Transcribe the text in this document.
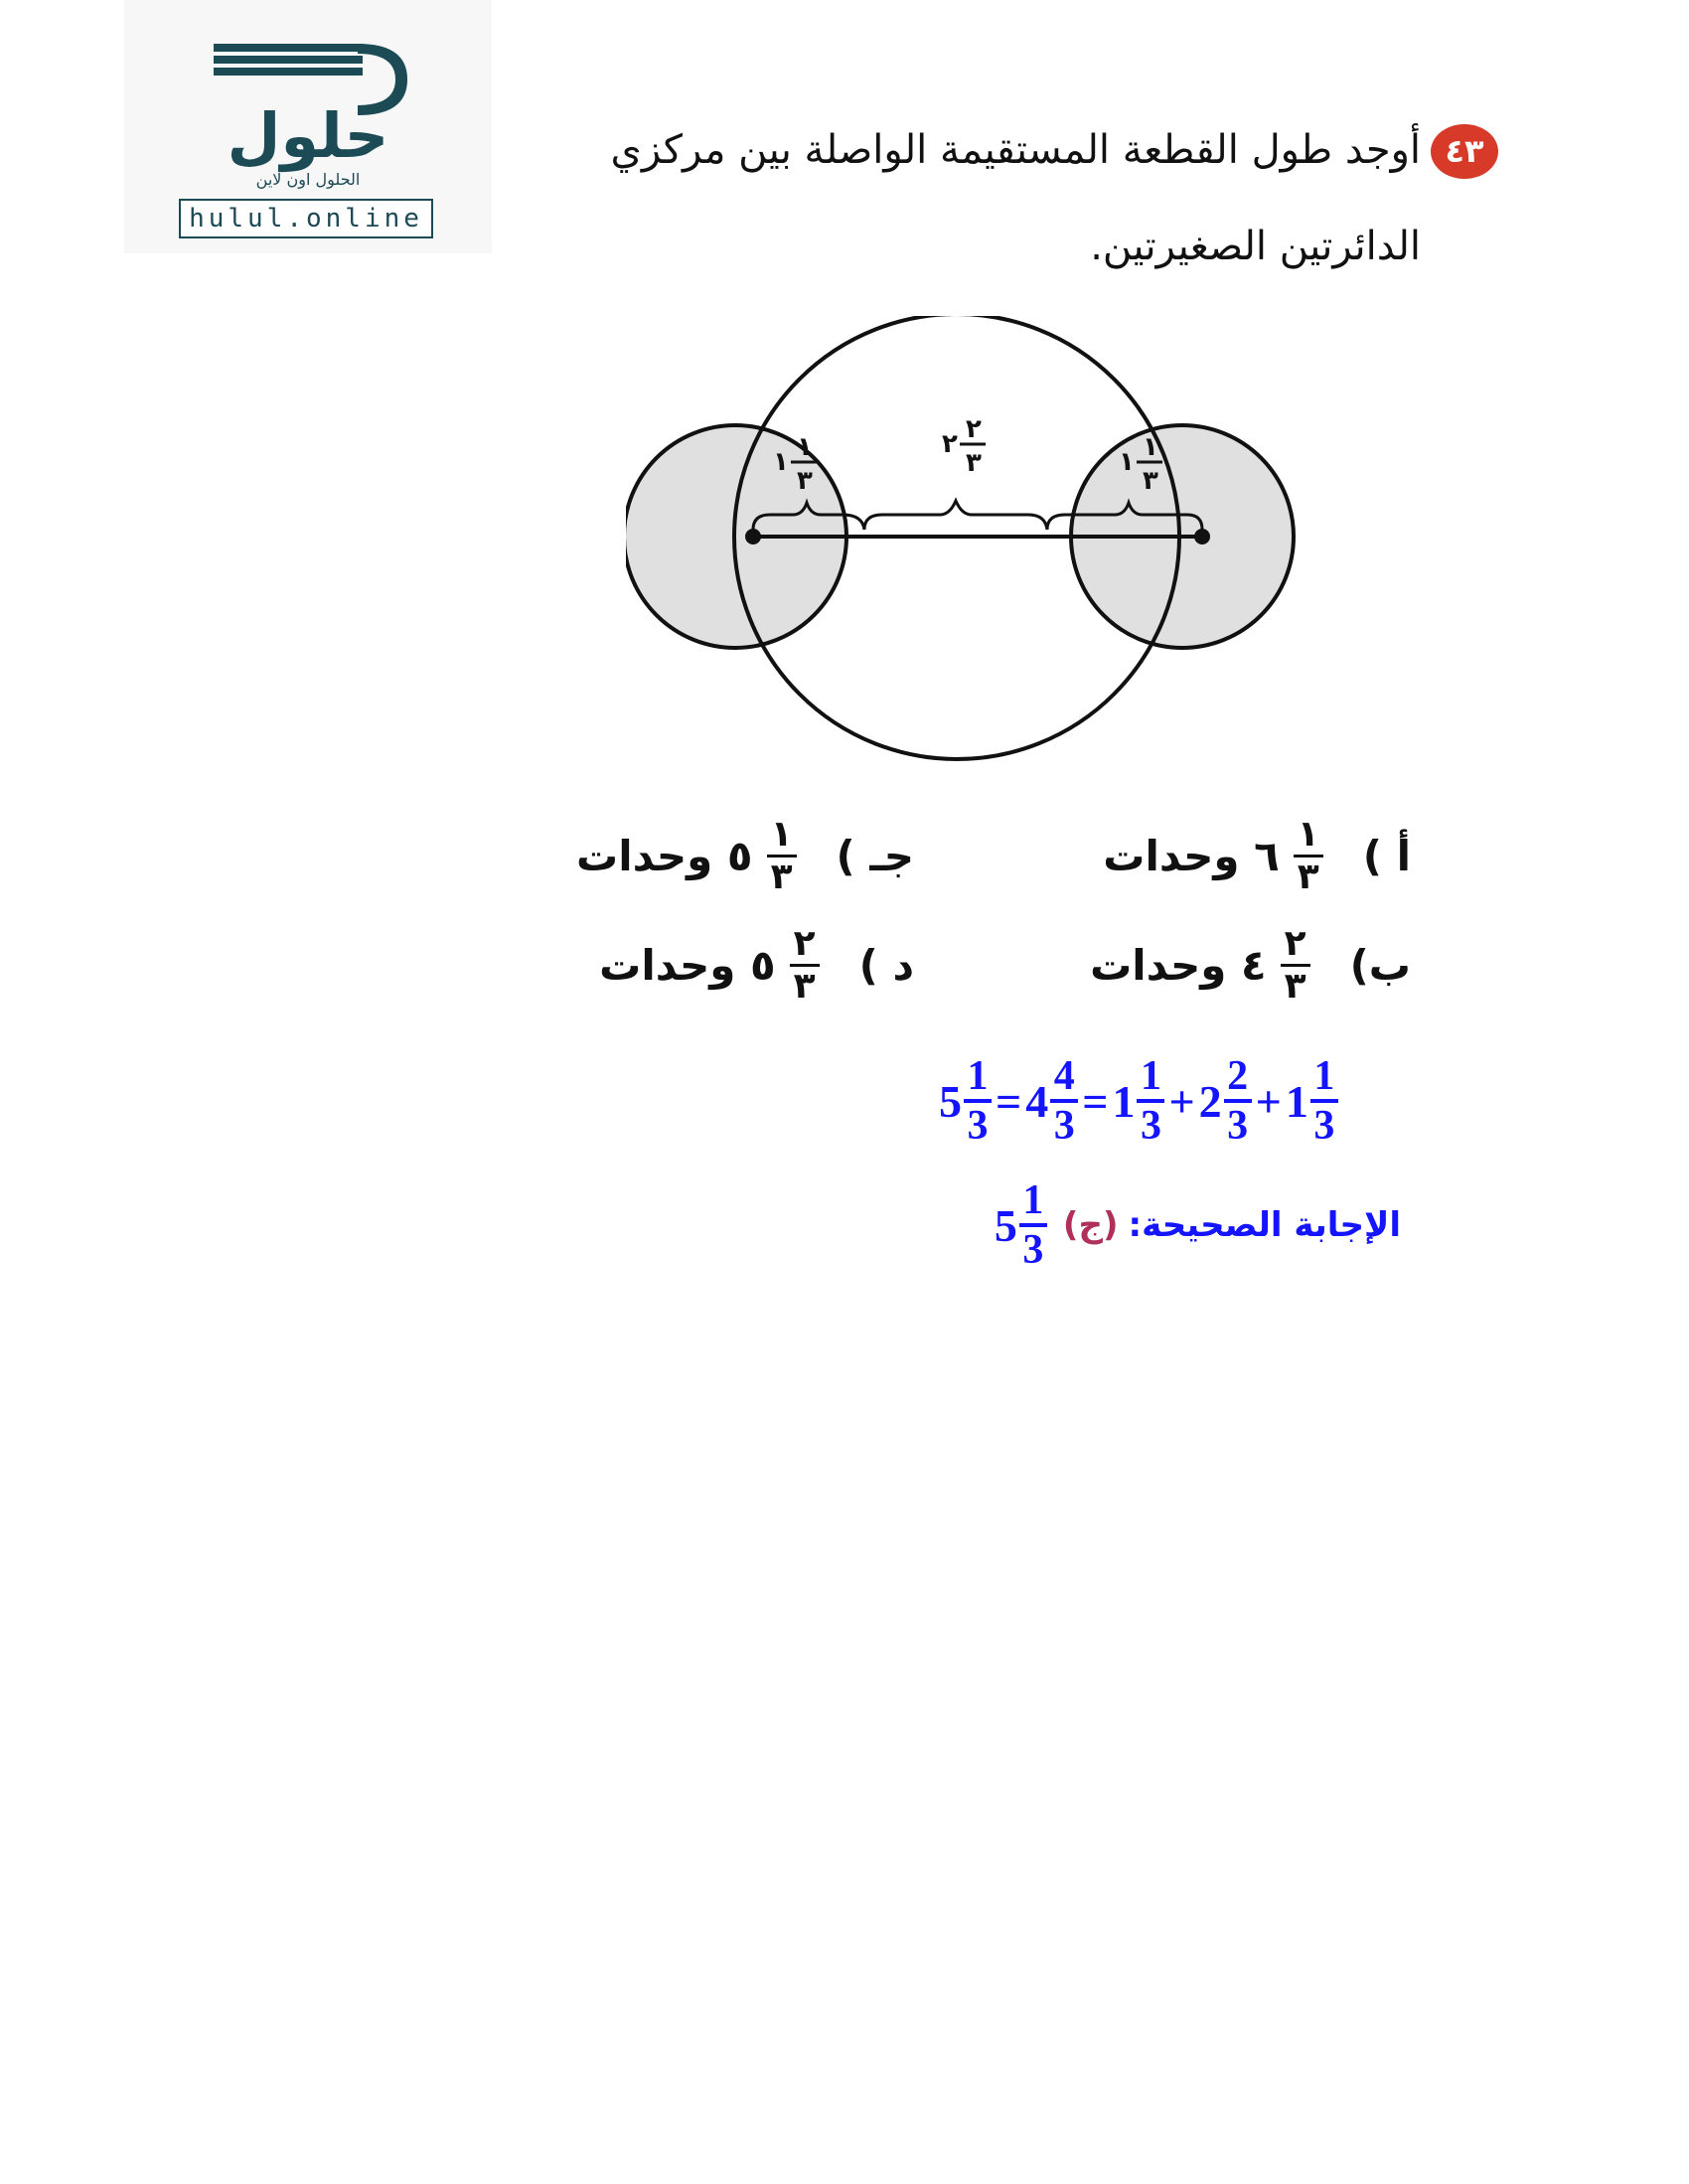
حلول
الحلول اون لاين
hulul.online
٤٣
أوجد طول القطعة المستقيمة الواصلة بين مركزي
الدائرتين الصغيرتين.
١ ١
٣
٢ ٢
٣	١ ١
٣
أ )
$\frac{١}{٣}$
٦

وحدات
ب)
$\frac{٢}{٣}$
٤

وحدات
جـ )
$\frac{١}{٣}$
٥

وحدات
د )
$\frac{٢}{٣}$
٥

وحدات
5 1
3 = 4 4
3 = 1 1
3 + 2 2
3 + 1 1
3
الإجابة الصحيحة:
(ج)
5 1
3
